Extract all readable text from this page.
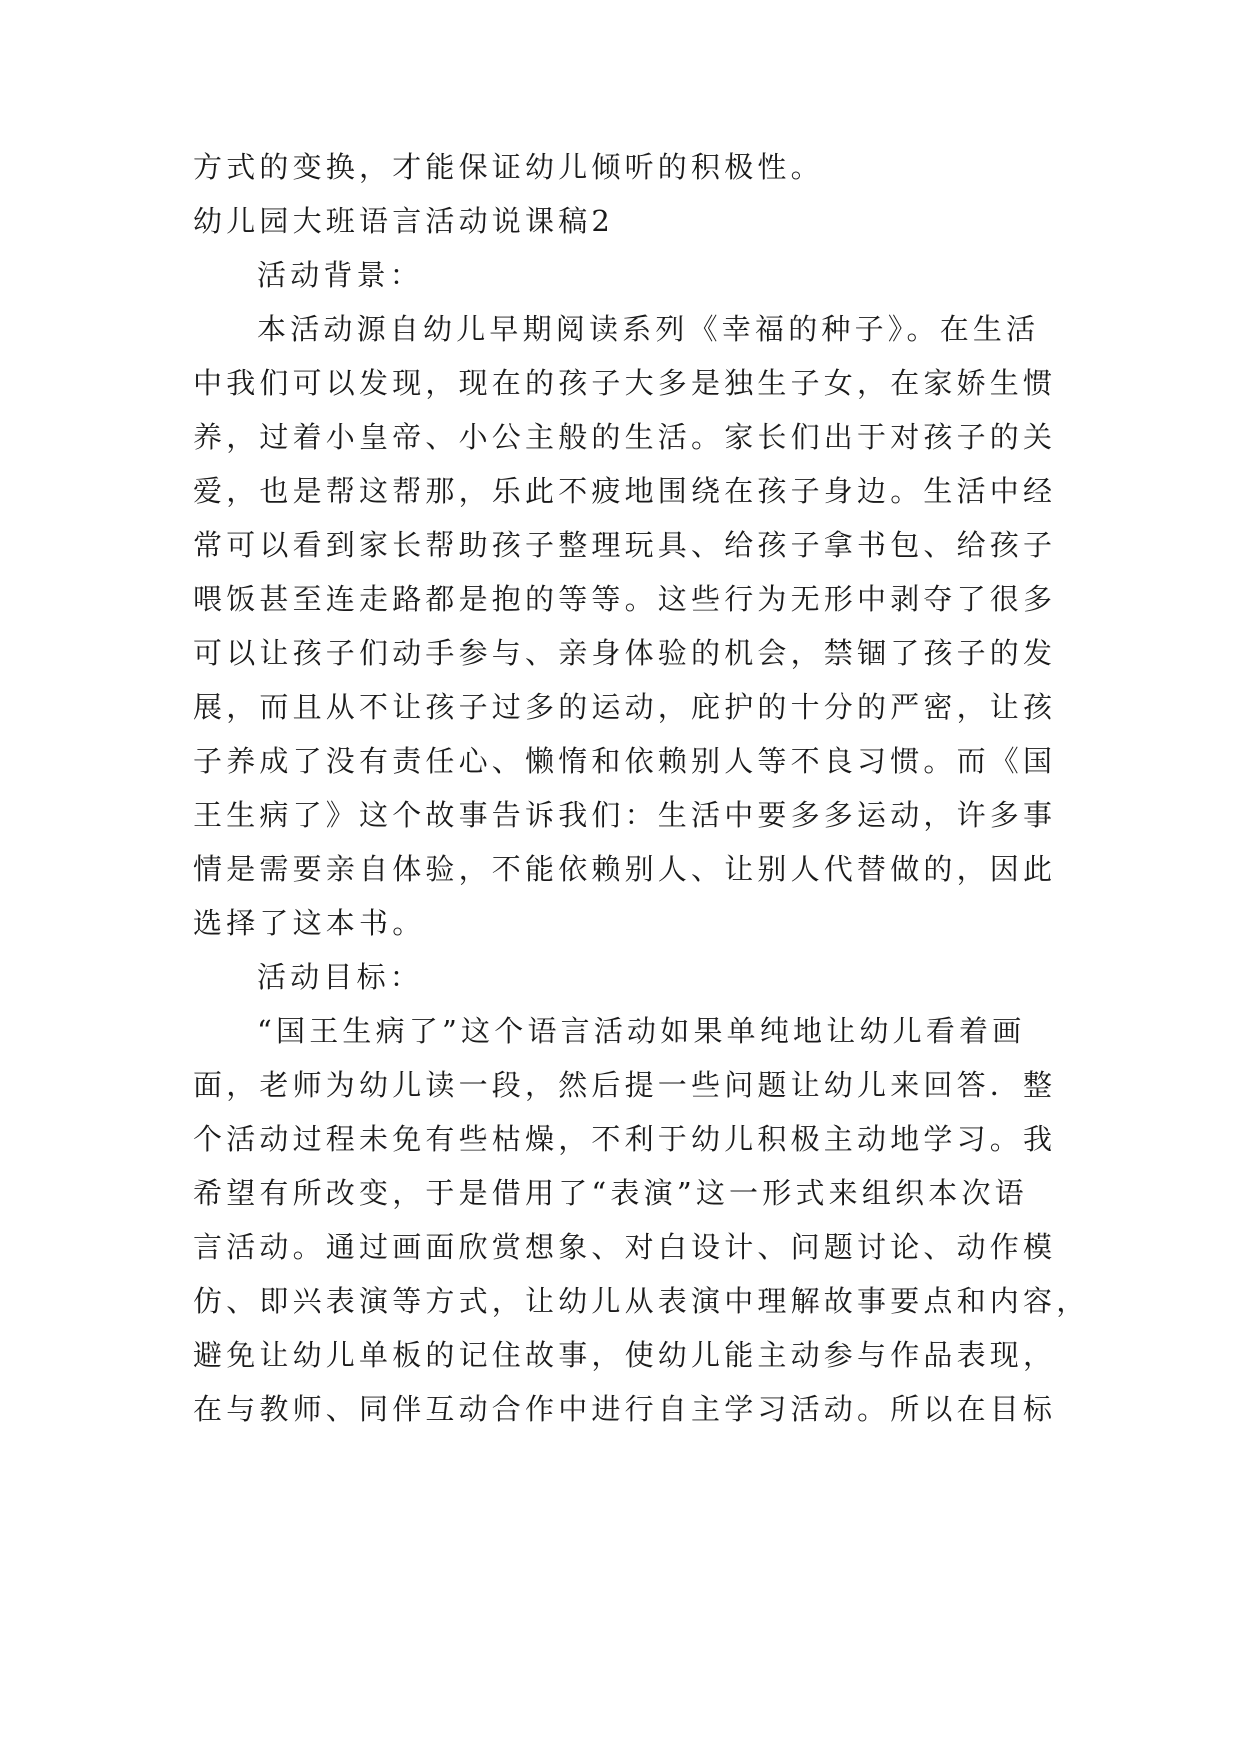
方式的变换，才能保证幼儿倾听的积极性。
幼儿园大班语言活动说课稿2
活动背景：
本活动源自幼儿早期阅读系列《幸福的种子》。在生活
中我们可以发现，现在的孩子大多是独生子女，在家娇生惯
养，过着小皇帝、小公主般的生活。家长们出于对孩子的关
爱，也是帮这帮那，乐此不疲地围绕在孩子身边。生活中经
常可以看到家长帮助孩子整理玩具、给孩子拿书包、给孩子
喂饭甚至连走路都是抱的等等。这些行为无形中剥夺了很多
可以让孩子们动手参与、亲身体验的机会，禁锢了孩子的发
展，而且从不让孩子过多的运动，庇护的十分的严密，让孩
子养成了没有责任心、懒惰和依赖别人等不良习惯。而《国
王生病了》这个故事告诉我们：生活中要多多运动，许多事
情是需要亲自体验，不能依赖别人、让别人代替做的，因此
选择了这本书。
活动目标：
“国王生病了”这个语言活动如果单纯地让幼儿看着画
面，老师为幼儿读一段，然后提一些问题让幼儿来回答．整
个活动过程未免有些枯燥，不利于幼儿积极主动地学习。我
希望有所改变，于是借用了“表演”这一形式来组织本次语
言活动。通过画面欣赏想象、对白设计、问题讨论、动作模
仿、即兴表演等方式，让幼儿从表演中理解故事要点和内容，
避免让幼儿单板的记住故事，使幼儿能主动参与作品表现，
在与教师、同伴互动合作中进行自主学习活动。所以在目标
